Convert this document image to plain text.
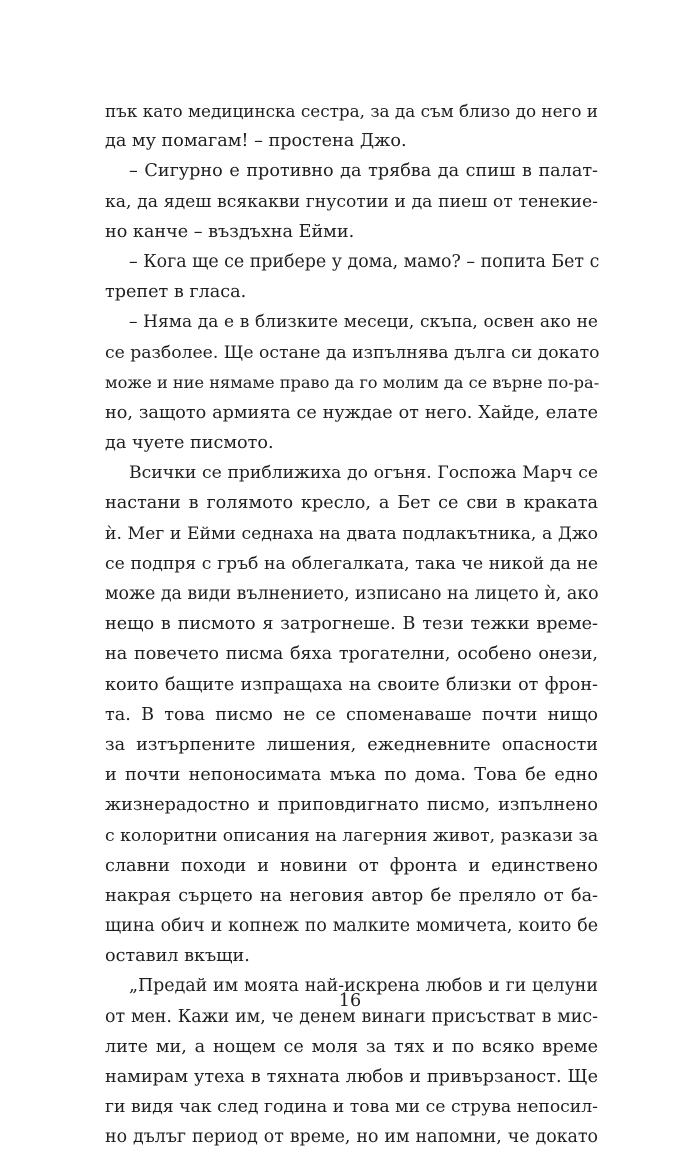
пък като медицинска сестра, за да съм близо до него и
да му помагам! – простена Джо.
– Сигурно е противно да трябва да спиш в палат-
ка, да ядеш всякакви гнусотии и да пиеш от тенекие-
но канче – въздъхна Ейми.
– Кога ще се прибере у дома, мамо? – попита Бет с
трепет в гласа.
– Няма да е в близките месеци, скъпа, освен ако не
се разболее. Ще остане да изпълнява дълга си докато
може и ние нямаме право да го молим да се върне по-ра-
но, защото армията се нуждае от него. Хайде, елате
да чуете писмото.
Всички се приближиха до огъня. Госпожа Марч се
настани в голямото кресло, а Бет се сви в краката
ѝ. Мег и Ейми седнаха на двата подлакътника, а Джо
се подпря с гръб на облегалката, така че никой да не
може да види вълнението, изписано на лицето ѝ, ако
нещо в писмото я затрогнеше. В тези тежки време-
на повечето писма бяха трогателни, особено онези,
които бащите изпращаха на своите близки от фрон-
та. В това писмо не се споменаваше почти нищо
за изтърпените лишения, ежедневните опасности
и почти непоносимата мъка по дома. Това бе едно
жизнерадостно и приповдигнато писмо, изпълнено
с колоритни описания на лагерния живот, разкази за
славни походи и новини от фронта и единствено
накрая сърцето на неговия автор бе преляло от ба-
щина обич и копнеж по малките момичета, които бе
оставил вкъщи.
„Предай им моята най-искрена любов и ги целуни
от мен. Кажи им, че денем винаги присъстват в мис-
лите ми, а нощем се моля за тях и по всяко време
намирам утеха в тяхната любов и привързаност. Ще
ги видя чак след година и това ми се струва непосил-
но дълъг период от време, но им напомни, че докато
16
